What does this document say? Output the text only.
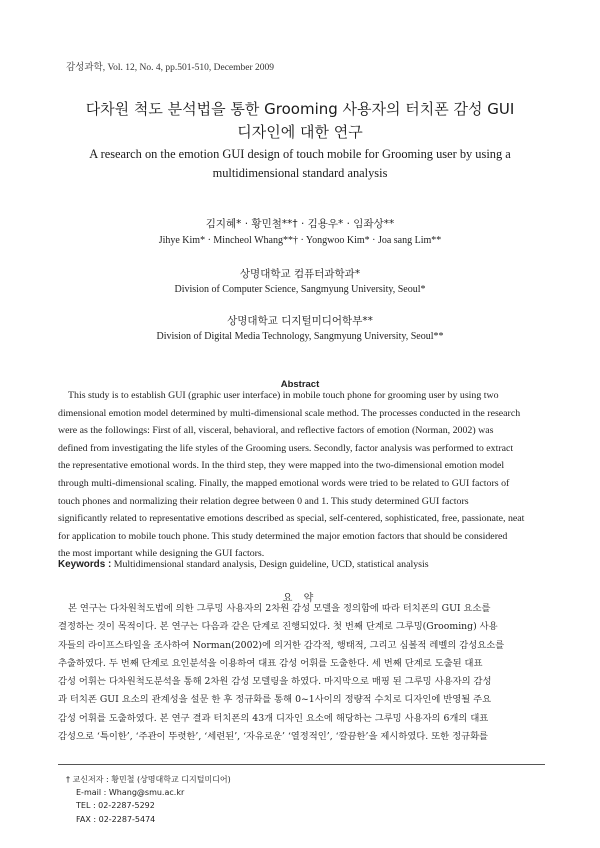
감성과학, Vol. 12, No. 4, pp.501-510, December 2009
다차원 척도 분석법을 통한 Grooming 사용자의 터치폰 감성 GUI
디자인에 대한 연구
A research on the emotion GUI design of touch mobile for Grooming user by using a
multidimensional standard analysis
김지혜* · 황민철**† · 김용우* · 임좌상**
Jihye Kim* · Mincheol Whang**† · Yongwoo Kim* · Joa sang Lim**
상명대학교 컴퓨터과학과*
Division of Computer Science, Sangmyung University, Seoul*
상명대학교 디지털미디어학부**
Division of Digital Media Technology, Sangmyung University, Seoul**
Abstract
This study is to establish GUI (graphic user interface) in mobile touch phone for grooming user by using two
dimensional emotion model determined by multi-dimensional scale method. The processes conducted in the research
were as the followings: First of all, visceral, behavioral, and reflective factors of emotion (Norman, 2002) was
defined from investigating the life styles of the Grooming users. Secondly, factor analysis was performed to extract
the representative emotional words. In the third step, they were mapped into the two-dimensional emotion model
through multi-dimensional scaling. Finally, the mapped emotional words were tried to be related to GUI factors of
touch phones and normalizing their relation degree between 0 and 1. This study determined GUI factors
significantly related to representative emotions described as special, self-centered, sophisticated, free, passionate, neat
for application to mobile touch phone. This study determined the major emotion factors that should be considered
the most important while designing the GUI factors.
Keywords : Multidimensional standard analysis, Design guideline, UCD, statistical analysis
요 약
본 연구는 다차원척도법에 의한 그루밍 사용자의 2차원 감성 모델을 정의함에 따라 터치폰의 GUI 요소를
결정하는 것이 목적이다. 본 연구는 다음과 같은 단계로 진행되었다. 첫 번째 단계로 그루밍(Grooming) 사용
자들의 라이프스타일을 조사하여 Norman(2002)에 의거한 감각적, 행태적, 그리고 심볼적 레벨의 감성요소를
추출하였다. 두 번째 단계로 요인분석을 이용하여 대표 감성 어휘를 도출한다. 세 번째 단계로 도출된 대표
감성 어휘는 다차원척도분석을 통해 2차원 감성 모델링을 하였다. 마지막으로 매핑 된 그루밍 사용자의 감성
과 터치폰 GUI 요소의 관계성을 설문 한 후 정규화를 통해 0~1사이의 정량적 수치로 디자인에 반영될 주요
감성 어휘를 도출하였다. 본 연구 결과 터치폰의 43개 디자인 요소에 해당하는 그루밍 사용자의 6개의 대표
감성으로 ‘특이한’, ‘주관이 뚜렷한’, ‘세련된’, ‘자유로운’ ‘열정적인’, ‘깔끔한’을 제시하였다. 또한 정규화를
† 교신저자 : 황민철 (상명대학교 디지털미디어)
E-mail : Whang@smu.ac.kr
TEL : 02-2287-5292
FAX : 02-2287-5474
